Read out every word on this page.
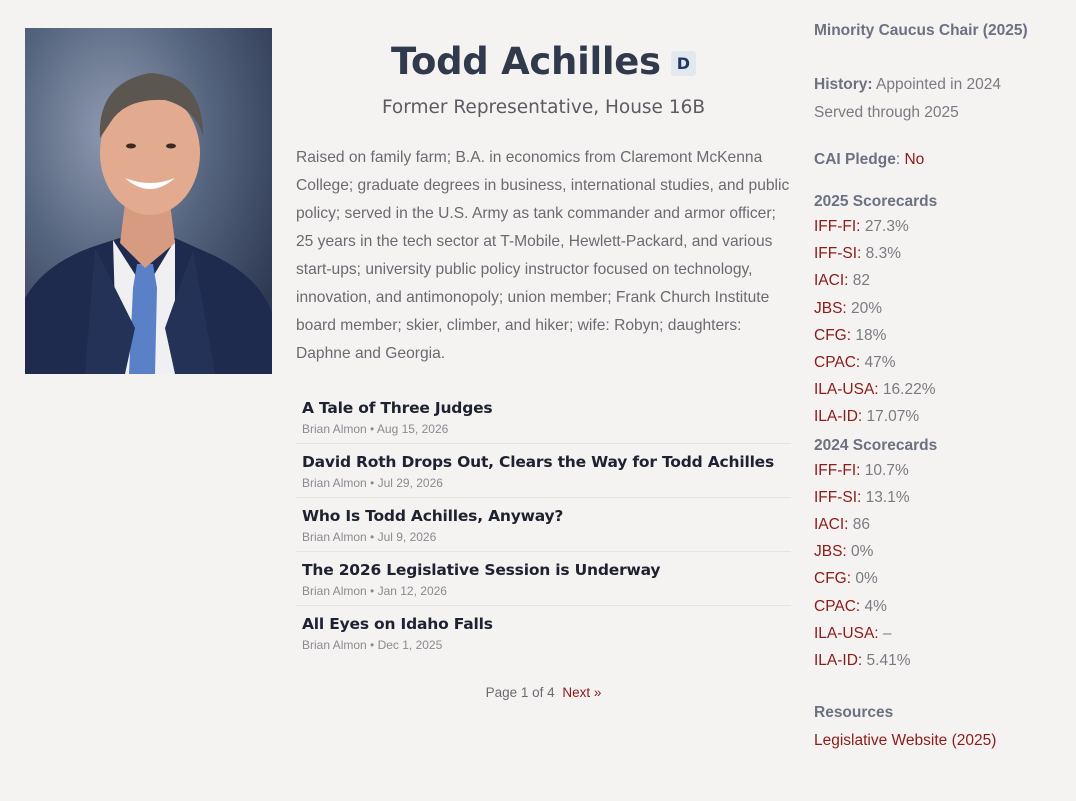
Todd Achilles	D
Former Representative, House 16B

Raised on family farm; B.A. in economics from Claremont McKenna College; graduate degrees in business, international studies, and public policy; served in the U.S. Army as tank commander and armor officer; 25 years in the tech sector at T-Mobile, Hewlett-Packard, and various start-ups; university public policy instructor focused on technology, innovation, and antimonopoly; union member; Frank Church Institute board member; skier, climber, and hiker; wife: Robyn; daughters: Daphne and Georgia.

A Tale of Three Judges
Brian Almon • Aug 15, 2026
David Roth Drops Out, Clears the Way for Todd Achilles
Brian Almon • Jul 29, 2026
Who Is Todd Achilles, Anyway?
Brian Almon • Jul 9, 2026
The 2026 Legislative Session is Underway
Brian Almon • Jan 12, 2026
All Eyes on Idaho Falls
Brian Almon • Dec 1, 2025
Page 1 of 4 Next »
Minority Caucus Chair (2025)
History: Appointed in 2024
Served through 2025
CAI Pledge: No
2025 Scorecards
IFF-FI: 27.3%
IFF-SI: 8.3%
IACI: 82
JBS: 20%
CFG: 18%
CPAC: 47%
ILA-USA: 16.22%
ILA-ID: 17.07%
2024 Scorecards
IFF-FI: 10.7%
IFF-SI: 13.1%
IACI: 86
JBS: 0%
CFG: 0%
CPAC: 4%
ILA-USA: –
ILA-ID: 5.41%
Resources
Legislative Website (2025)
